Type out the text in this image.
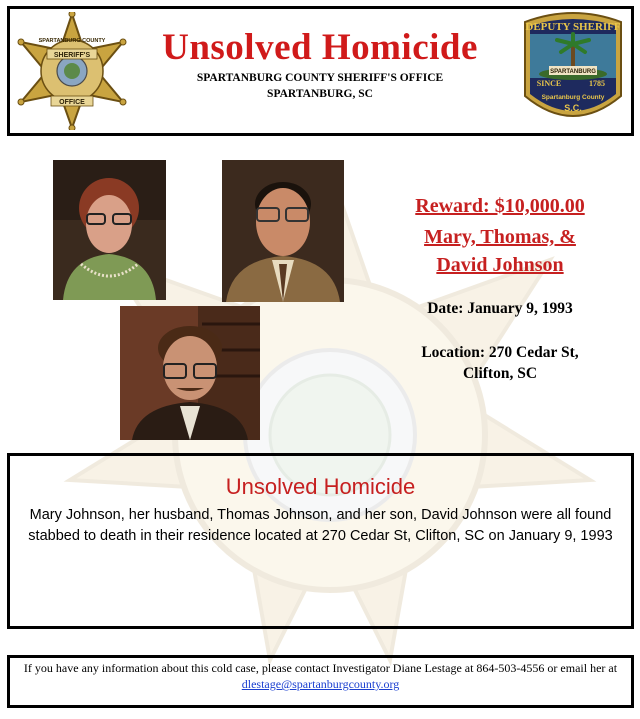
SPARTANBURG COUNTY
SHERIFF'S
OFFICE
Unsolved Homicide
SPARTANBURG COUNTY SHERIFF'S OFFICE
SPARTANBURG, SC
DEPUTY SHERIFF
SPARTANBURG
SINCE	1785
Spartanburg County
S.C.
Reward: $10,000.00
Mary, Thomas, &
David Johnson
Date: January 9, 1993
Location: 270 Cedar St,
Clifton, SC
Unsolved Homicide
Mary Johnson, her husband, Thomas Johnson, and her son, David Johnson were all found stabbed to death in their residence located at 270 Cedar St, Clifton, SC on January 9, 1993
If you have any information about this cold case, please contact Investigator Diane Lestage at 864-503-4556 or email her at dlestage@spartanburgcounty.org
